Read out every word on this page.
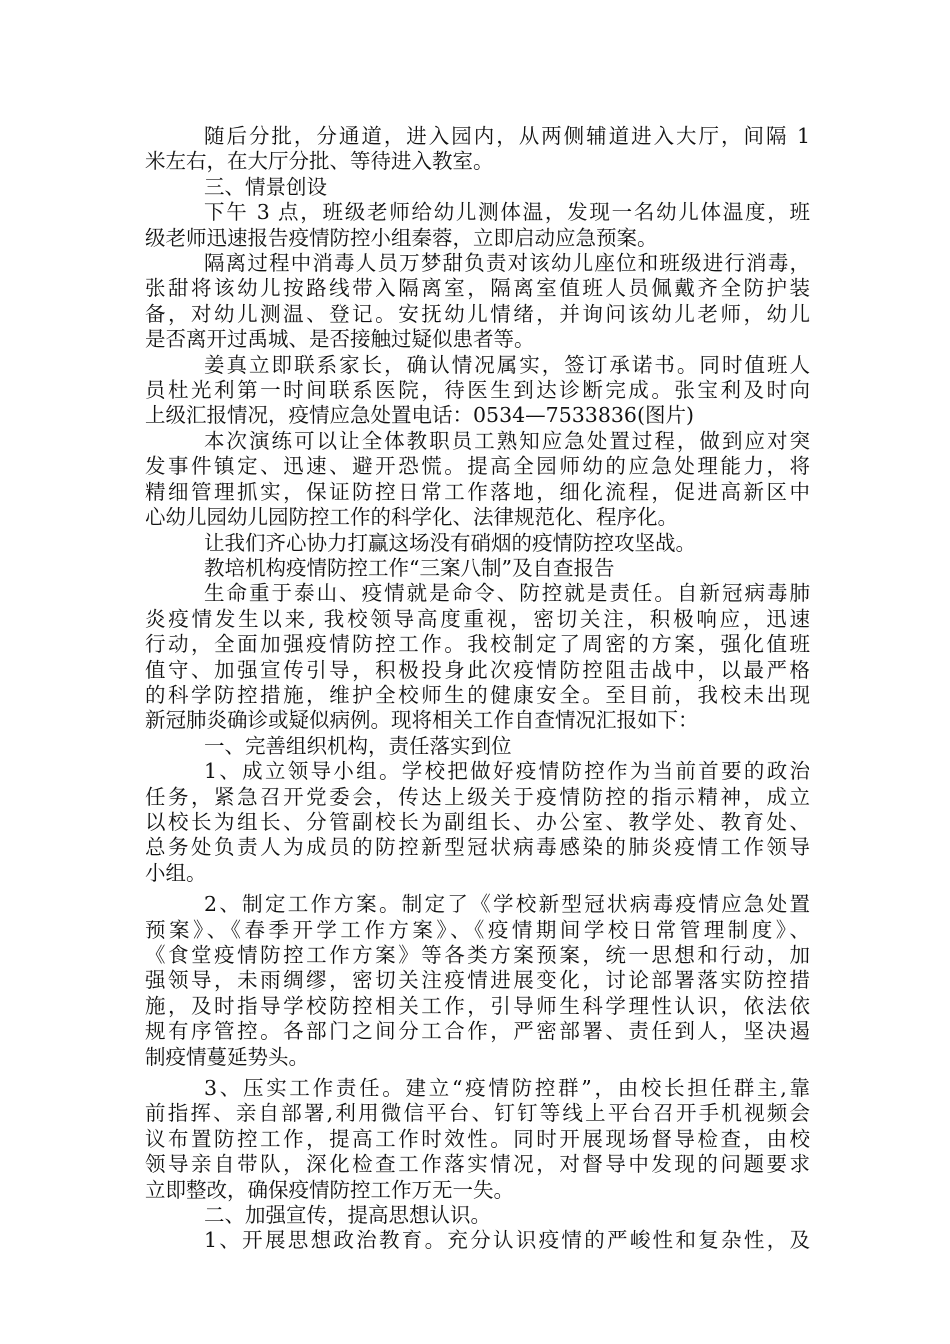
随后分批，分通道，进入园内，从两侧辅道进入大厅，间隔 1
米左右，在大厅分批、等待进入教室。

三、情景创设

下午 3 点，班级老师给幼儿测体温，发现一名幼儿体温度，班
级老师迅速报告疫情防控小组秦蓉，立即启动应急预案。

隔离过程中消毒人员万梦甜负责对该幼儿座位和班级进行消毒，
张甜将该幼儿按路线带入隔离室，隔离室值班人员佩戴齐全防护装
备，对幼儿测温、登记。安抚幼儿情绪，并询问该幼儿老师，幼儿
是否离开过禹城、是否接触过疑似患者等。

姜真立即联系家长，确认情况属实，签订承诺书。同时值班人
员杜光利第一时间联系医院，待医生到达诊断完成。张宝利及时向
上级汇报情况，疫情应急处置电话：0534—7533836(图片)

本次演练可以让全体教职员工熟知应急处置过程，做到应对突
发事件镇定、迅速、避开恐慌。提高全园师幼的应急处理能力，将
精细管理抓实，保证防控日常工作落地，细化流程，促进高新区中
心幼儿园幼儿园防控工作的科学化、法律规范化、程序化。

让我们齐心协力打赢这场没有硝烟的疫情防控攻坚战。

教培机构疫情防控工作“三案八制”及自查报告

生命重于泰山、疫情就是命令、防控就是责任。自新冠病毒肺
炎疫情发生以来, 我校领导高度重视，密切关注，积极响应，迅速
行动，全面加强疫情防控工作。我校制定了周密的方案，强化值班
值守、加强宣传引导，积极投身此次疫情防控阻击战中，以最严格
的科学防控措施，维护全校师生的健康安全。至目前，我校未出现
新冠肺炎确诊或疑似病例。现将相关工作自查情况汇报如下：

一、完善组织机构，责任落实到位

1、成立领导小组。学校把做好疫情防控作为当前首要的政治
任务，紧急召开党委会，传达上级关于疫情防控的指示精神，成立
以校长为组长、分管副校长为副组长、办公室、教学处、教育处、
总务处负责人为成员的防控新型冠状病毒感染的肺炎疫情工作领导
小组。

2、制定工作方案。制定了《学校新型冠状病毒疫情应急处置
预案》、《春季开学工作方案》、《疫情期间学校日常管理制度》、
《食堂疫情防控工作方案》等各类方案预案，统一思想和行动，加
强领导，未雨绸缪，密切关注疫情进展变化，讨论部署落实防控措
施，及时指导学校防控相关工作，引导师生科学理性认识，依法依
规有序管控。各部门之间分工合作，严密部署、责任到人，坚决遏
制疫情蔓延势头。

3、压实工作责任。建立“疫情防控群”，由校长担任群主,靠
前指挥、亲自部署,利用微信平台、钉钉等线上平台召开手机视频会
议布置防控工作，提高工作时效性。同时开展现场督导检查，由校
领导亲自带队，深化检查工作落实情况，对督导中发现的问题要求
立即整改，确保疫情防控工作万无一失。

二、加强宣传，提高思想认识。

1、开展思想政治教育。充分认识疫情的严峻性和复杂性，及
